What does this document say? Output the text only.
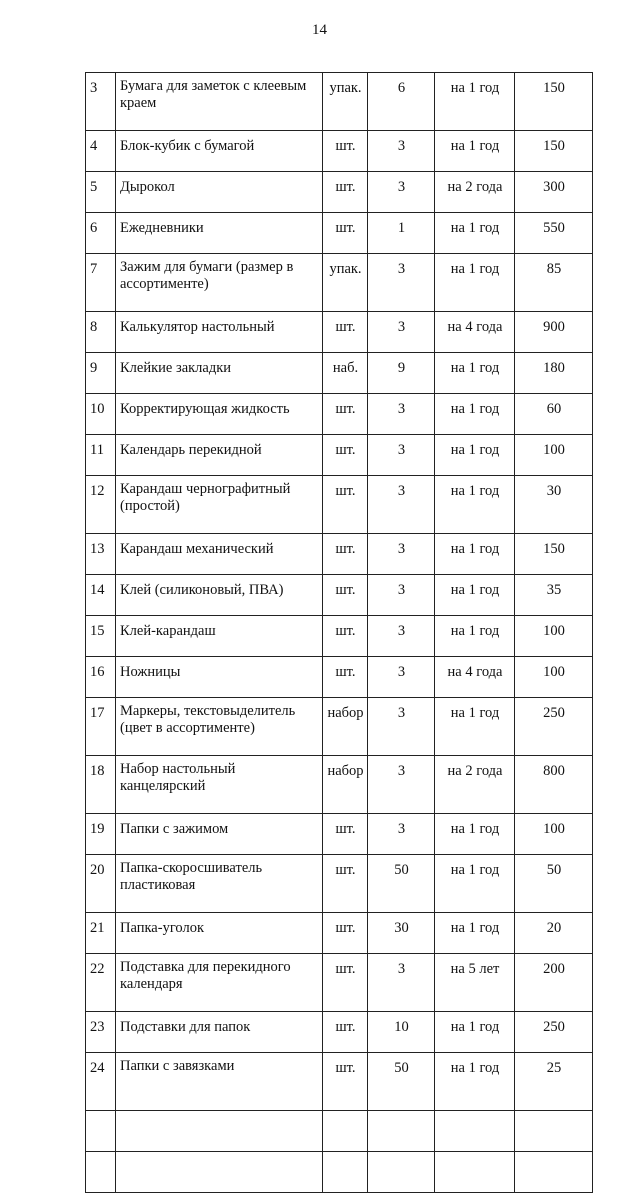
14
3	Бумага для заметок с клеевым краем	упак.	6	на 1 год	150
4	Блок-кубик с бумагой	шт.	3	на 1 год	150
5	Дырокол	шт.	3	на 2 года	300
6	Ежедневники	шт.	1	на 1 год	550
7	Зажим для бумаги (размер в ассортименте)	упак.	3	на 1 год	85
8	Калькулятор настольный	шт.	3	на 4 года	900
9	Клейкие закладки	наб.	9	на 1 год	180
10	Корректирующая жидкость	шт.	3	на 1 год	60
11	Календарь перекидной	шт.	3	на 1 год	100
12	Карандаш чернографитный (простой)	шт.	3	на 1 год	30
13	Карандаш механический	шт.	3	на 1 год	150
14	Клей (силиконовый, ПВА)	шт.	3	на 1 год	35
15	Клей-карандаш	шт.	3	на 1 год	100
16	Ножницы	шт.	3	на 4 года	100
17	Маркеры, текстовыделитель (цвет в ассортименте)	набор	3	на 1 год	250
18	Набор настольный канцелярский	набор	3	на 2 года	800
19	Папки с зажимом	шт.	3	на 1 год	100
20	Папка-скоросшиватель пластиковая	шт.	50	на 1 год	50
21	Папка-уголок	шт.	30	на 1 год	20
22	Подставка для перекидного календаря	шт.	3	на 5 лет	200
23	Подставки для папок	шт.	10	на 1 год	250
24	Папки с завязками	шт.	50	на 1 год	25
